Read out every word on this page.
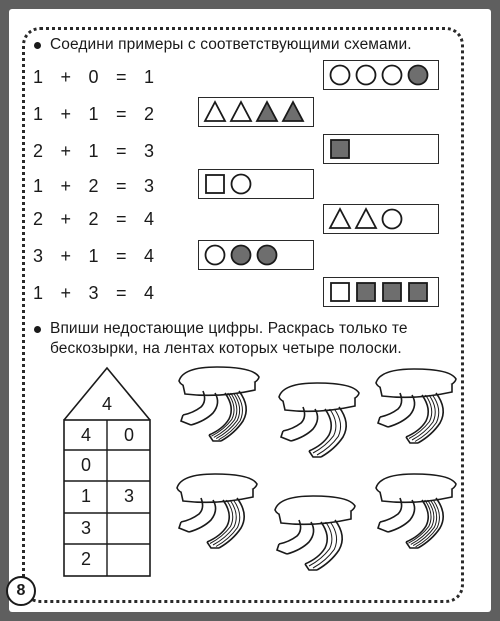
Соедини примеры с соответствующими схемами.
1 + 0 = 1
1 + 1 = 2
2 + 1 = 3
1 + 2 = 3
2 + 2 = 4
3 + 1 = 4
1 + 3 = 4
Впиши недостающие цифры. Раскрась только те
бескозырки, на лентах которых четыре полоски.
4
4	0
0
1	3
3
2
8
